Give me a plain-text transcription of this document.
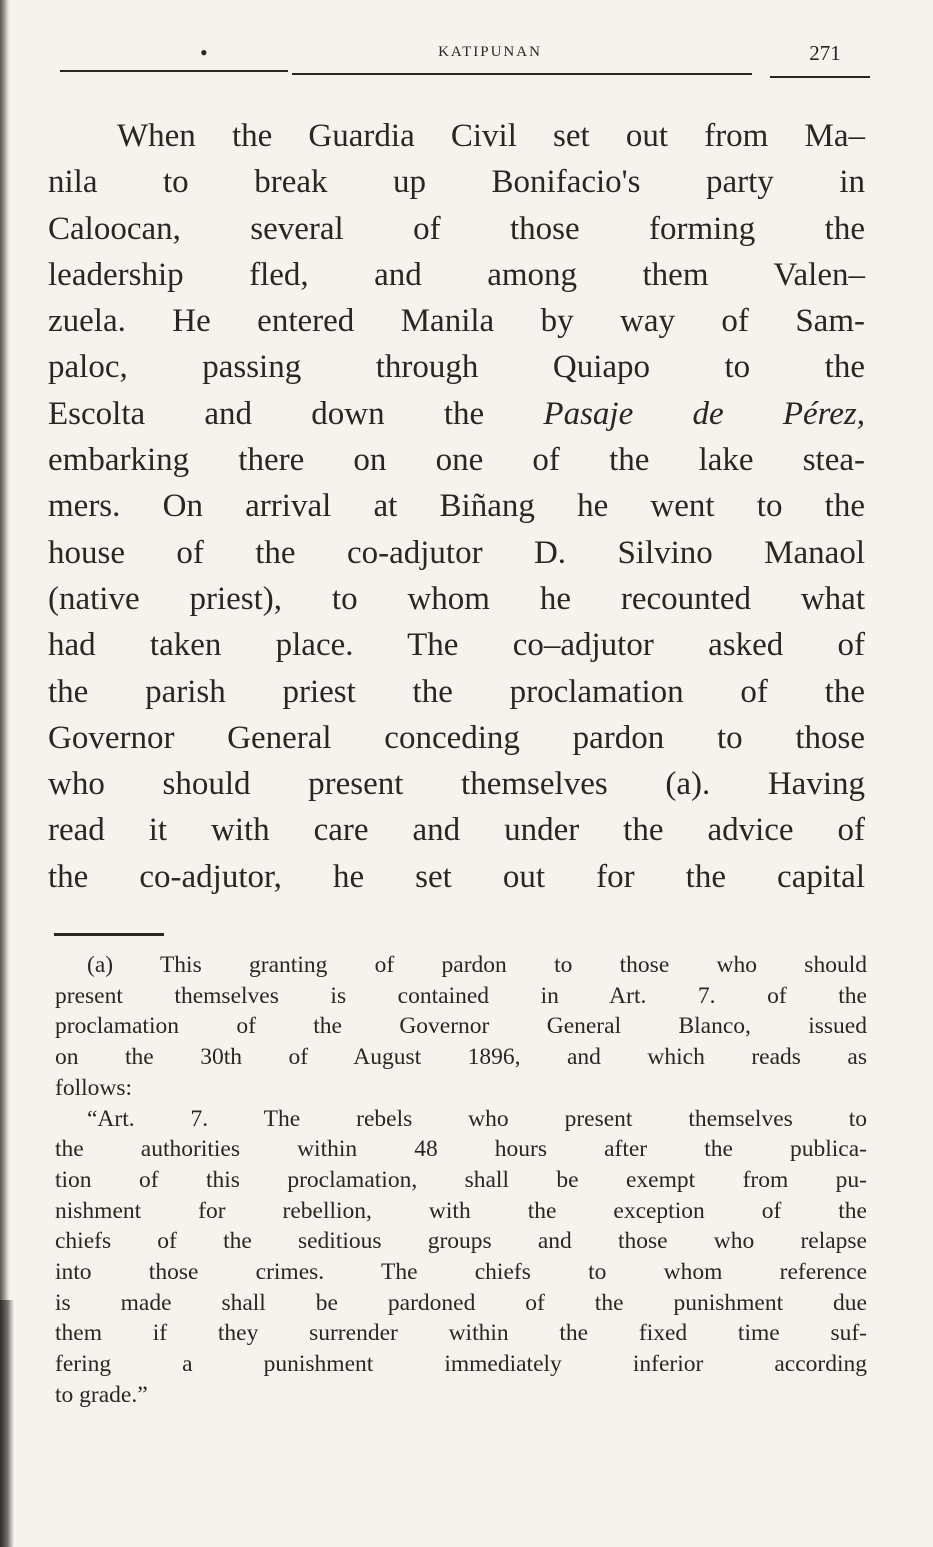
•	KATIPUNAN	271
When the Guardia Civil set out from Ma–
nila to break up Bonifacio's party in
Caloocan, several of those forming the
leadership fled, and among them Valen–
zuela. He entered Manila by way of Sam-
paloc, passing through Quiapo to the
Escolta and down the Pasaje de Pérez,
embarking there on one of the lake stea-
mers. On arrival at Biñang he went to the
house of the co-adjutor D. Silvino Manaol
(native priest), to whom he recounted what
had taken place. The co–adjutor asked of
the parish priest the proclamation of the
Governor General conceding pardon to those
who should present themselves (a). Having
read it with care and under the advice of
the co-adjutor, he set out for the capital
(a) This granting of pardon to those who should
present themselves is contained in Art. 7. of the
proclamation of the Governor General Blanco, issued
on the 30th of August 1896, and which reads as
follows:
“Art. 7. The rebels who present themselves to
the authorities within 48 hours after the publica-
tion of this proclamation, shall be exempt from pu-
nishment for rebellion, with the exception of the
chiefs of the seditious groups and those who relapse
into those crimes. The chiefs to whom reference
is made shall be pardoned of the punishment due
them if they surrender within the fixed time suf-
fering a punishment immediately inferior according
to grade.”
